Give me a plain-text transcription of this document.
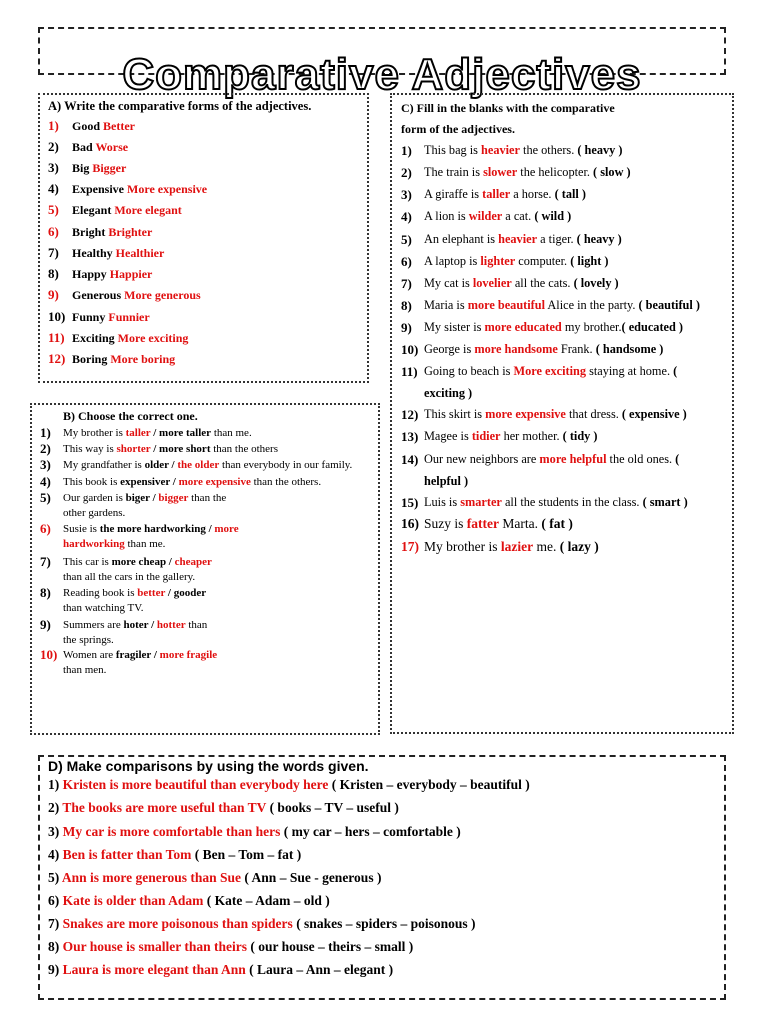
Comparative Adjectives
A) Write the comparative forms of the adjectives.
1) Good Better
2) Bad Worse
3) Big Bigger
4) Expensive More expensive
5) Elegant More elegant
6) Bright Brighter
7) Healthy Healthier
8) Happy Happier
9) Generous More generous
10) Funny Funnier
11) Exciting More exciting
12) Boring More boring
B) Choose the correct one.
1) My brother is taller / more taller than me.
2) This way is shorter / more short than the others
3) My grandfather is older / the older than everybody in our family.
4) This book is expensiver / more expensive than the others.
5) Our garden is biger / bigger than the
other gardens.
6) Susie is the more hardworking / more
hardworking than me.
7) This car is more cheap / cheaper
than all the cars in the gallery.
8) Reading book is better / gooder
than watching TV.
9) Summers are hoter / hotter than
the springs.
10) Women are fragiler / more fragile
than men.
C) Fill in the blanks with the comparative
form of the adjectives.
1) This bag is heavier the others. ( heavy )
2) The train is slower the helicopter. ( slow )
3) A giraffe is taller a horse. ( tall )
4) A lion is wilder a cat. ( wild )
5) An elephant is heavier a tiger. ( heavy )
6) A laptop is lighter computer. ( light )
7) My cat is lovelier all the cats. ( lovely )
8) Maria is more beautiful Alice in the party. ( beautiful )
9) My sister is more educated my brother.( educated )
10) George is more handsome Frank. ( handsome )
11) Going to beach is More exciting staying at home. (
exciting )
12) This skirt is more expensive that dress. ( expensive )
13) Magee is tidier her mother. ( tidy )
14) Our new neighbors are more helpful the old ones. (
helpful )
15) Luis is smarter all the students in the class. ( smart )
16) Suzy is fatter Marta. ( fat )
17) My brother is lazier me. ( lazy )
D) Make comparisons by using the words given.
1) Kristen is more beautiful than everybody here ( Kristen – everybody – beautiful )
2) The books are more useful than TV ( books – TV – useful )
3) My car is more comfortable than hers ( my car – hers – comfortable )
4) Ben is fatter than Tom ( Ben – Tom – fat )
5) Ann is more generous than Sue ( Ann – Sue - generous )
6) Kate is older than Adam ( Kate – Adam – old )
7) Snakes are more poisonous than spiders ( snakes – spiders – poisonous )
8) Our house is smaller than theirs ( our house – theirs – small )
9) Laura is more elegant than Ann ( Laura – Ann – elegant )
